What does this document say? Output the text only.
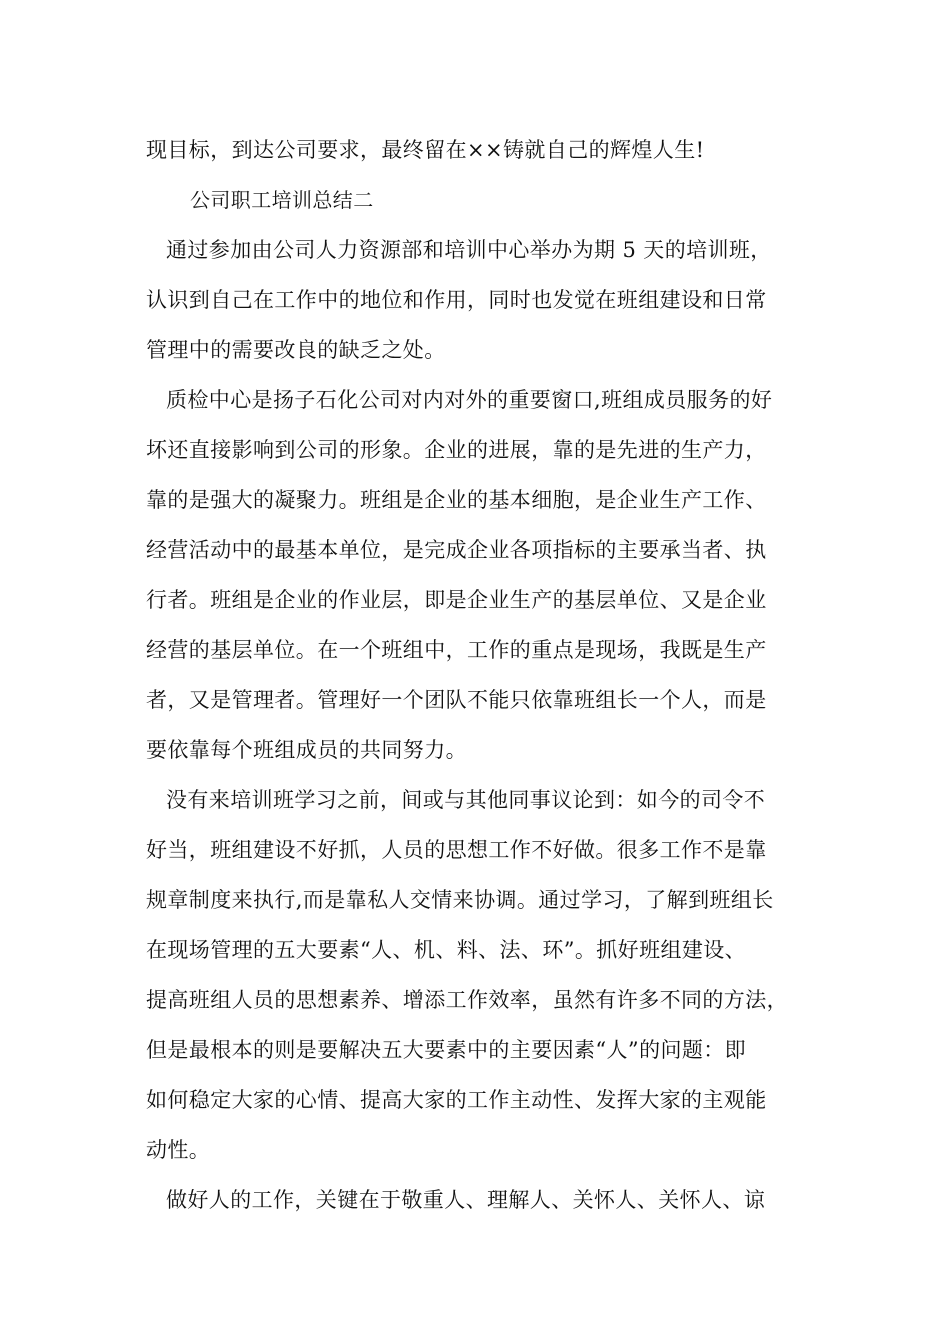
现目标，到达公司要求，最终留在××铸就自己的辉煌人生!
公司职工培训总结二
通过参加由公司人力资源部和培训中心举办为期 5 天的培训班，
认识到自己在工作中的地位和作用，同时也发觉在班组建设和日常
管理中的需要改良的缺乏之处。
质检中心是扬子石化公司对内对外的重要窗口,班组成员服务的好
坏还直接影响到公司的形象。企业的进展，靠的是先进的生产力，
靠的是强大的凝聚力。班组是企业的基本细胞，是企业生产工作、
经营活动中的最基本单位，是完成企业各项指标的主要承当者、执
行者。班组是企业的作业层，即是企业生产的基层单位、又是企业
经营的基层单位。在一个班组中，工作的重点是现场，我既是生产
者，又是管理者。管理好一个团队不能只依靠班组长一个人，而是
要依靠每个班组成员的共同努力。
没有来培训班学习之前，间或与其他同事议论到：如今的司令不
好当，班组建设不好抓，人员的思想工作不好做。很多工作不是靠
规章制度来执行,而是靠私人交情来协调。通过学习，了解到班组长
在现场管理的五大要素“人、机、料、法、环”。抓好班组建设、
提高班组人员的思想素养、增添工作效率，虽然有许多不同的方法，
但是最根本的则是要解决五大要素中的主要因素“人”的问题：即
如何稳定大家的心情、提高大家的工作主动性、发挥大家的主观能
动性。
做好人的工作，关键在于敬重人、理解人、关怀人、关怀人、谅
